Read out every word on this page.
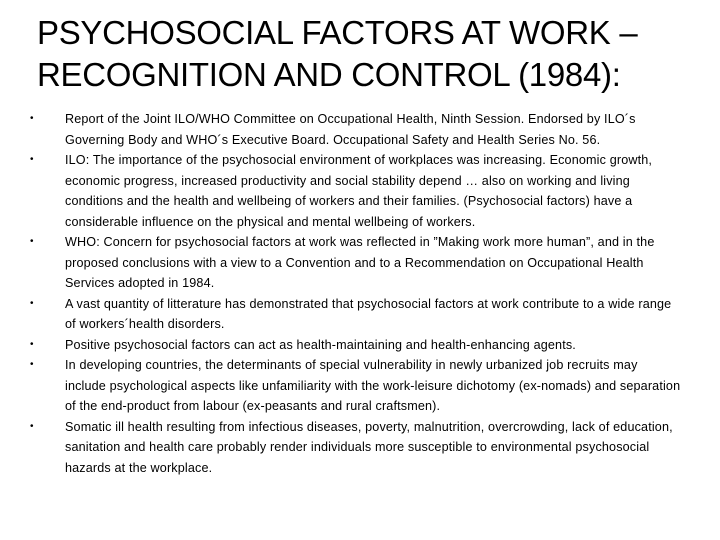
PSYCHOSOCIAL FACTORS AT WORK –
RECOGNITION AND CONTROL (1984):
• Report of the Joint ILO/WHO Committee on Occupational Health, Ninth Session. Endorsed by ILO´s Governing Body and WHO´s Executive Board. Occupational Safety and Health Series No. 56.
• ILO: The importance of the psychosocial environment of workplaces was increasing. Economic growth, economic progress, increased productivity and social stability depend … also on working and living conditions and the health and wellbeing of workers and their families. (Psychosocial factors) have a considerable influence on the physical and mental wellbeing of workers.
• WHO: Concern for psychosocial factors at work was reflected in ”Making work more human”, and in the proposed conclusions with a view to a Convention and to a Recommendation on Occupational Health Services adopted in 1984.
• A vast quantity of litterature has demonstrated that psychosocial factors at work contribute to a wide range of workers´health disorders.
• Positive psychosocial factors can act as health-maintaining and health-enhancing agents.
• In developing countries, the determinants of special vulnerability in newly urbanized job recruits may include psychological aspects like unfamiliarity with the work-leisure dichotomy (ex-nomads) and separation of the end-product from labour (ex-peasants and rural craftsmen).
• Somatic ill health resulting from infectious diseases, poverty, malnutrition, overcrowding, lack of education, sanitation and health care probably render individuals more susceptible to environmental psychosocial hazards at the workplace.
